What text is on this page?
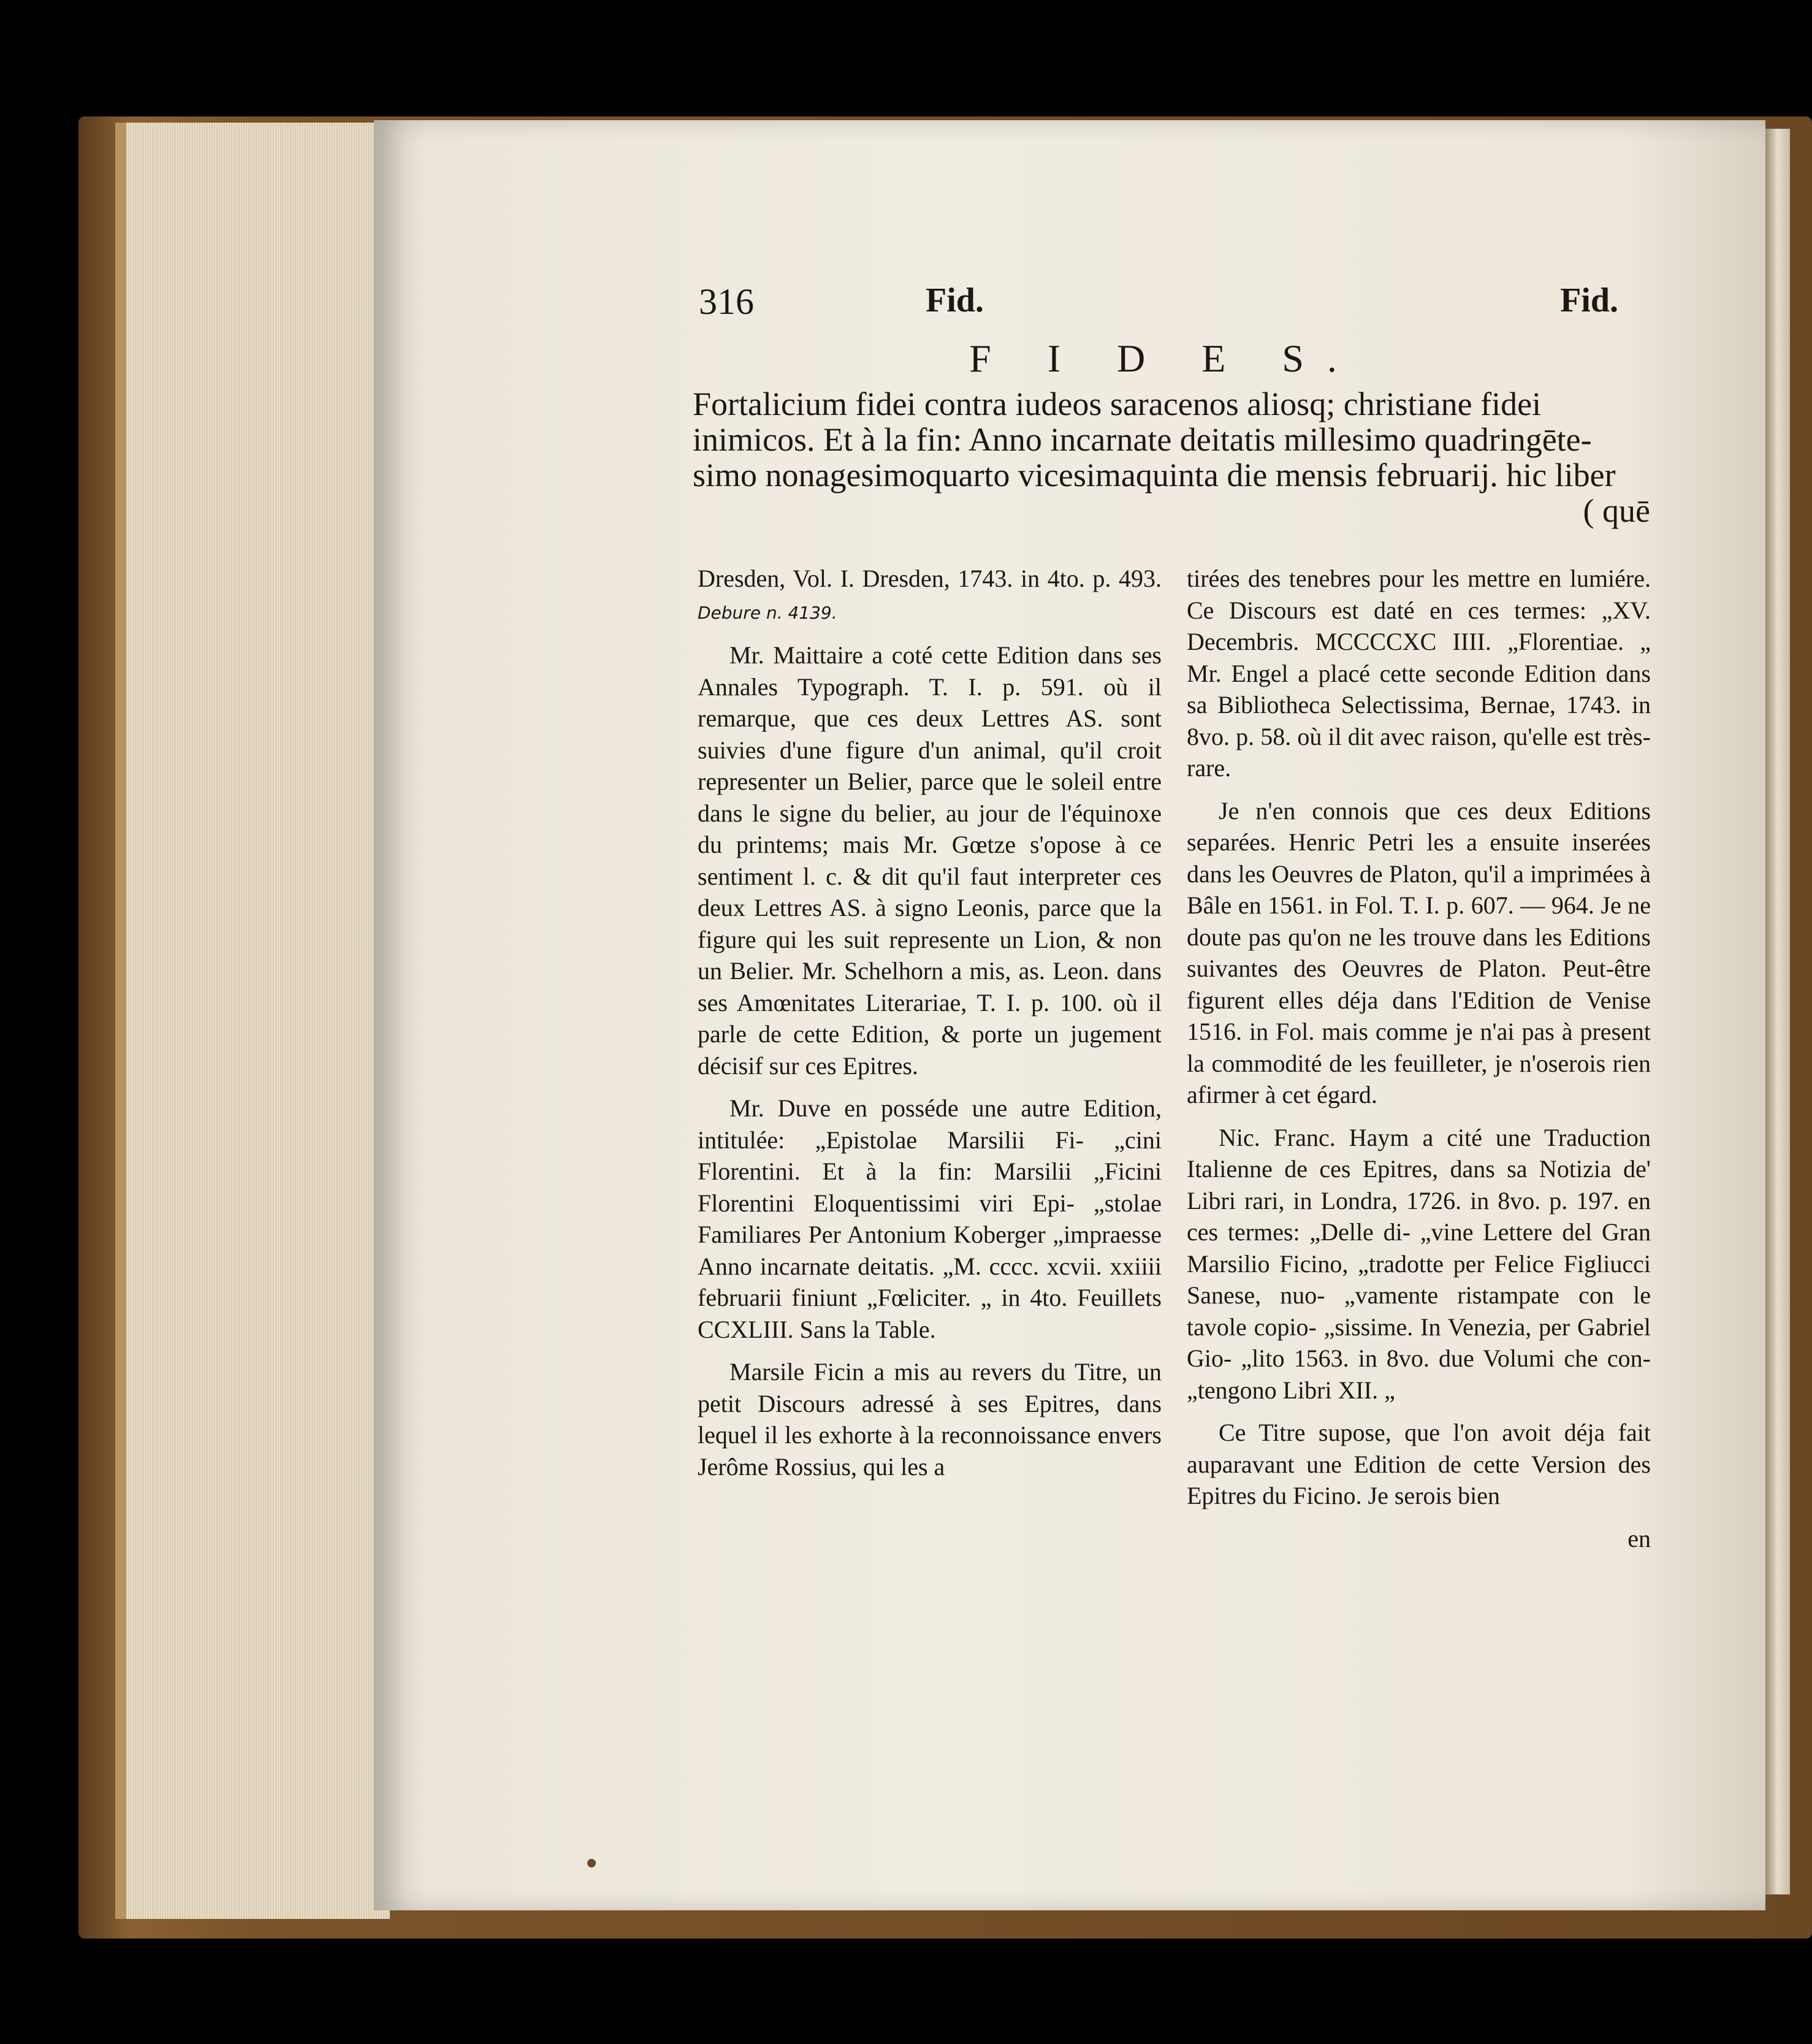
316	Fid.	Fid.
F I D E S.
Fortalicium fidei contra iudeos saracenos aliosq; christiane fidei
inimicos. Et à la fin: Anno incarnate deitatis millesimo quadringēte-
simo nonagesimoquarto vicesimaquinta die mensis februarij. hic liber
( quē

Dresden, Vol. I. Dresden, 1743. in 4to. p. 493. Debure n. 4139.

Mr. Maittaire a coté cette Edition dans ses Annales Typograph. T. I. p. 591. où il remarque, que ces deux Lettres AS. sont suivies d'une figure d'un animal, qu'il croit representer un Belier, parce que le soleil entre dans le signe du belier, au jour de l'équinoxe du printems; mais Mr. Gœtze s'opose à ce sentiment l. c. & dit qu'il faut interpreter ces deux Lettres AS. à signo Leonis, parce que la figure qui les suit represente un Lion, & non un Belier. Mr. Schelhorn a mis, as. Leon. dans ses Amœnitates Literariae, T. I. p. 100. où il parle de cette Edition, & porte un jugement décisif sur ces Epitres.

Mr. Duve en posséde une autre Edition, intitulée: „Epistolae Marsilii Fi- „cini Florentini. Et à la fin: Marsilii „Ficini Florentini Eloquentissimi viri Epi- „stolae Familiares Per Antonium Koberger „impraesse Anno incarnate deitatis. „M. cccc. xcvii. xxiiii februarii finiunt „Fœliciter. „ in 4to. Feuillets CCXLIII. Sans la Table.

Marsile Ficin a mis au revers du Titre, un petit Discours adressé à ses Epitres, dans lequel il les exhorte à la reconnoissance envers Jerôme Rossius, qui les a

tirées des tenebres pour les mettre en lumiére. Ce Discours est daté en ces termes: „XV. Decembris. MCCCCXC IIII. „Florentiae. „ Mr. Engel a placé cette seconde Edition dans sa Bibliotheca Selectissima, Bernae, 1743. in 8vo. p. 58. où il dit avec raison, qu'elle est très-rare.

Je n'en connois que ces deux Editions separées. Henric Petri les a ensuite inserées dans les Oeuvres de Platon, qu'il a imprimées à Bâle en 1561. in Fol. T. I. p. 607. — 964. Je ne doute pas qu'on ne les trouve dans les Editions suivantes des Oeuvres de Platon. Peut-être figurent elles déja dans l'Edition de Venise 1516. in Fol. mais comme je n'ai pas à present la commodité de les feuilleter, je n'oserois rien afirmer à cet égard.

Nic. Franc. Haym a cité une Traduction Italienne de ces Epitres, dans sa Notizia de' Libri rari, in Londra, 1726. in 8vo. p. 197. en ces termes: „Delle di- „vine Lettere del Gran Marsilio Ficino, „tradotte per Felice Figliucci Sanese, nuo- „vamente ristampate con le tavole copio- „sissime. In Venezia, per Gabriel Gio- „lito 1563. in 8vo. due Volumi che con- „tengono Libri XII. „

Ce Titre supose, que l'on avoit déja fait auparavant une Edition de cette Version des Epitres du Ficino. Je serois bien

en
